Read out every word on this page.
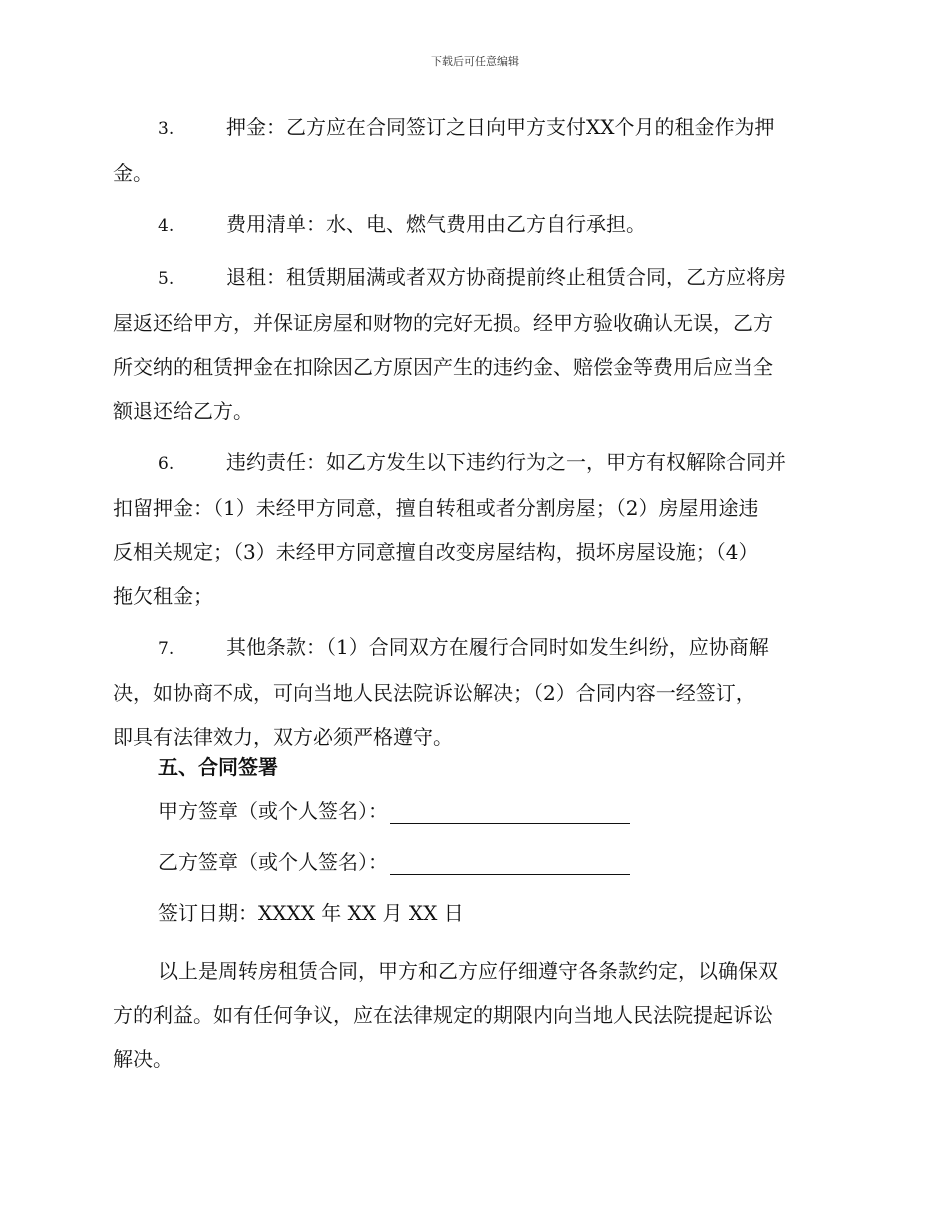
下载后可任意编辑
3.	押金：乙方应在合同签订之日向甲方支付XX个月的租金作为押
金。
4.	费用清单：水、电、燃气费用由乙方自行承担。
5.	退租：租赁期届满或者双方协商提前终止租赁合同，乙方应将房
屋返还给甲方，并保证房屋和财物的完好无损。经甲方验收确认无误，乙方
所交纳的租赁押金在扣除因乙方原因产生的违约金、赔偿金等费用后应当全
额退还给乙方。
6.	违约责任：如乙方发生以下违约行为之一，甲方有权解除合同并
扣留押金：（1）未经甲方同意，擅自转租或者分割房屋；（2）房屋用途违
反相关规定；（3）未经甲方同意擅自改变房屋结构，损坏房屋设施；（4）
拖欠租金；
7.	其他条款：（1）合同双方在履行合同时如发生纠纷，应协商解
决，如协商不成，可向当地人民法院诉讼解决；（2）合同内容一经签订，
即具有法律效力，双方必须严格遵守。
五、合同签署
甲方签章（或个人签名）：
乙方签章（或个人签名）：
签订日期：XXXX 年 XX 月 XX 日
以上是周转房租赁合同，甲方和乙方应仔细遵守各条款约定，以确保双
方的利益。如有任何争议，应在法律规定的期限内向当地人民法院提起诉讼
解决。
